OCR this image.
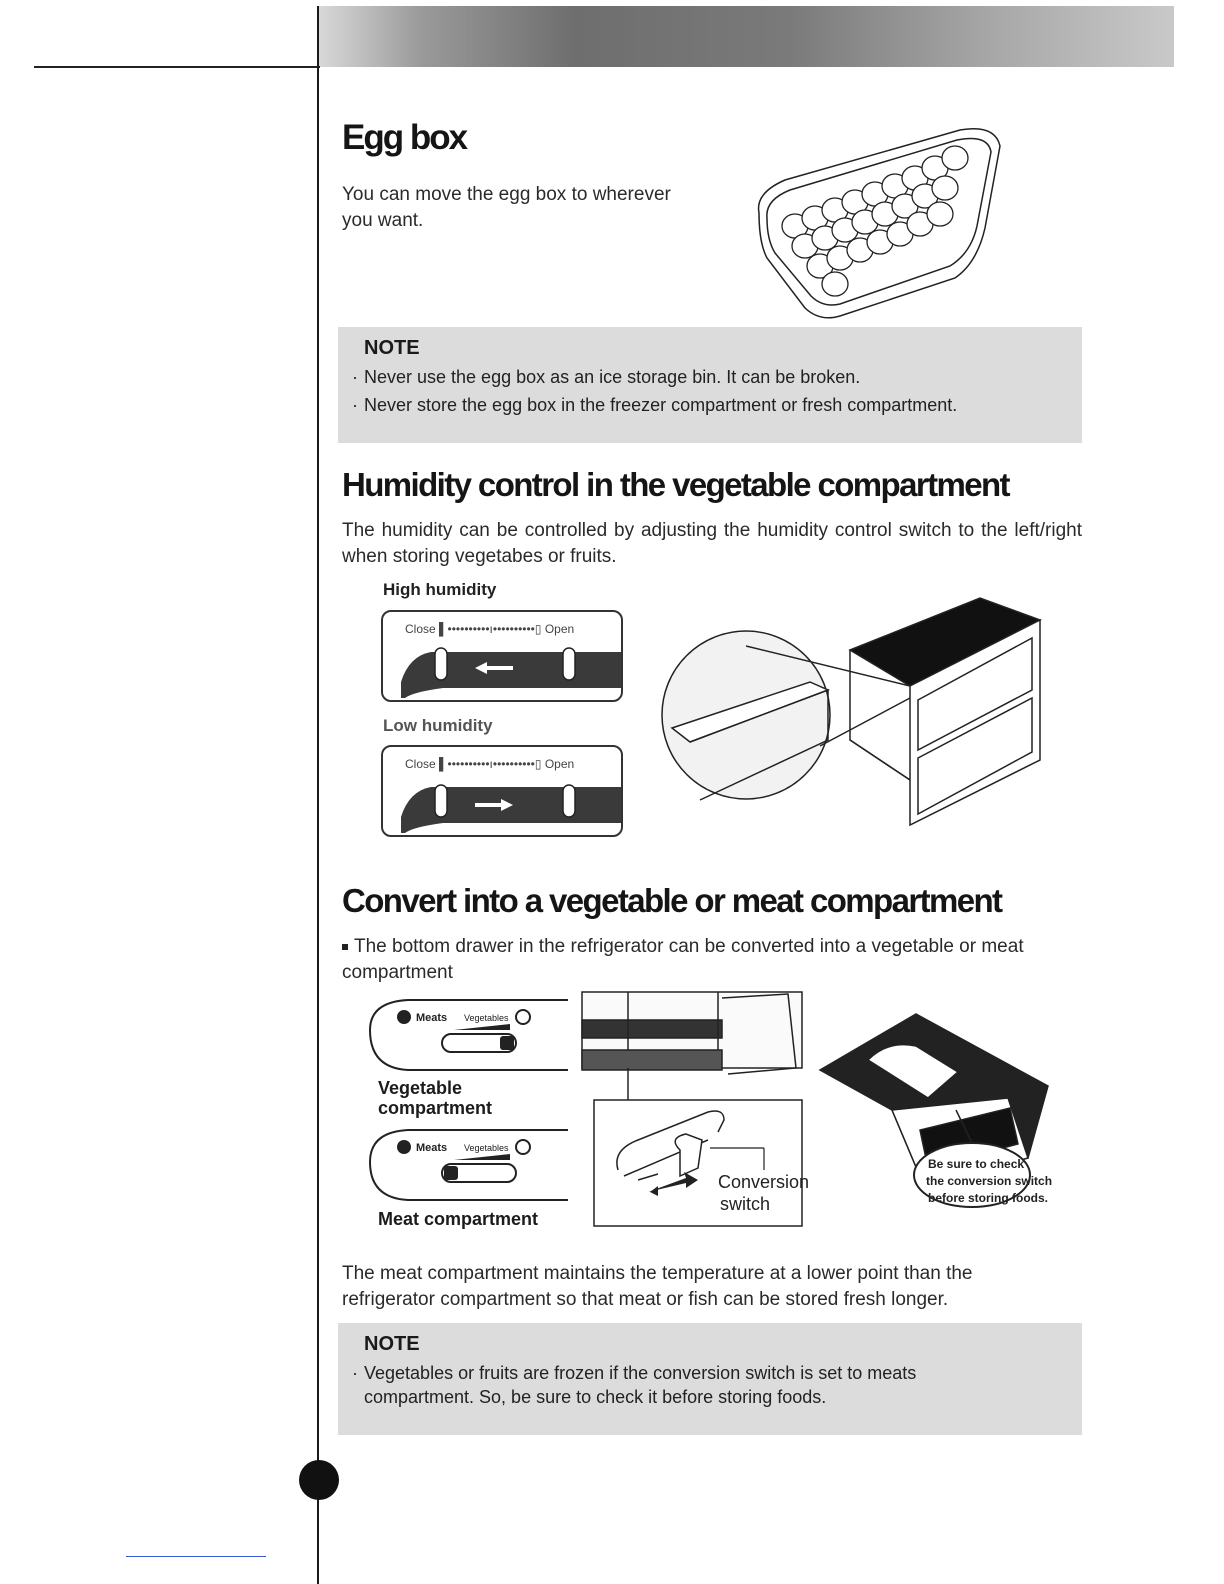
Egg box
You can move the egg box to wherever you want.
NOTE
· Never use the egg box as an ice storage bin. It can be broken.
· Never store the egg box in the freezer compartment or fresh compartment.
Humidity control in the vegetable compartment
The humidity can be controlled by adjusting the humidity control switch to the left/right when storing vegetabes or fruits.
High humidity
Close ▌••••••••••ı••••••••••▯ Open
Low humidity
Close ▌••••••••••ı••••••••••▯ Open
Convert into a vegetable or meat compartment
The bottom drawer in the refrigerator can be converted into a vegetable or meat compartment
Meats Vegetables
Meats Vegetables
Conversion
switch
Be sure to check
the conversion switch
before storing foods.
Vegetable
compartment
Meat compartment
The meat compartment maintains the temperature at a lower point than the refrigerator compartment so that meat or fish can be stored fresh longer.
NOTE
· Vegetables or fruits are frozen if the conversion switch is set to meats
compartment. So, be sure to check it before storing foods.
